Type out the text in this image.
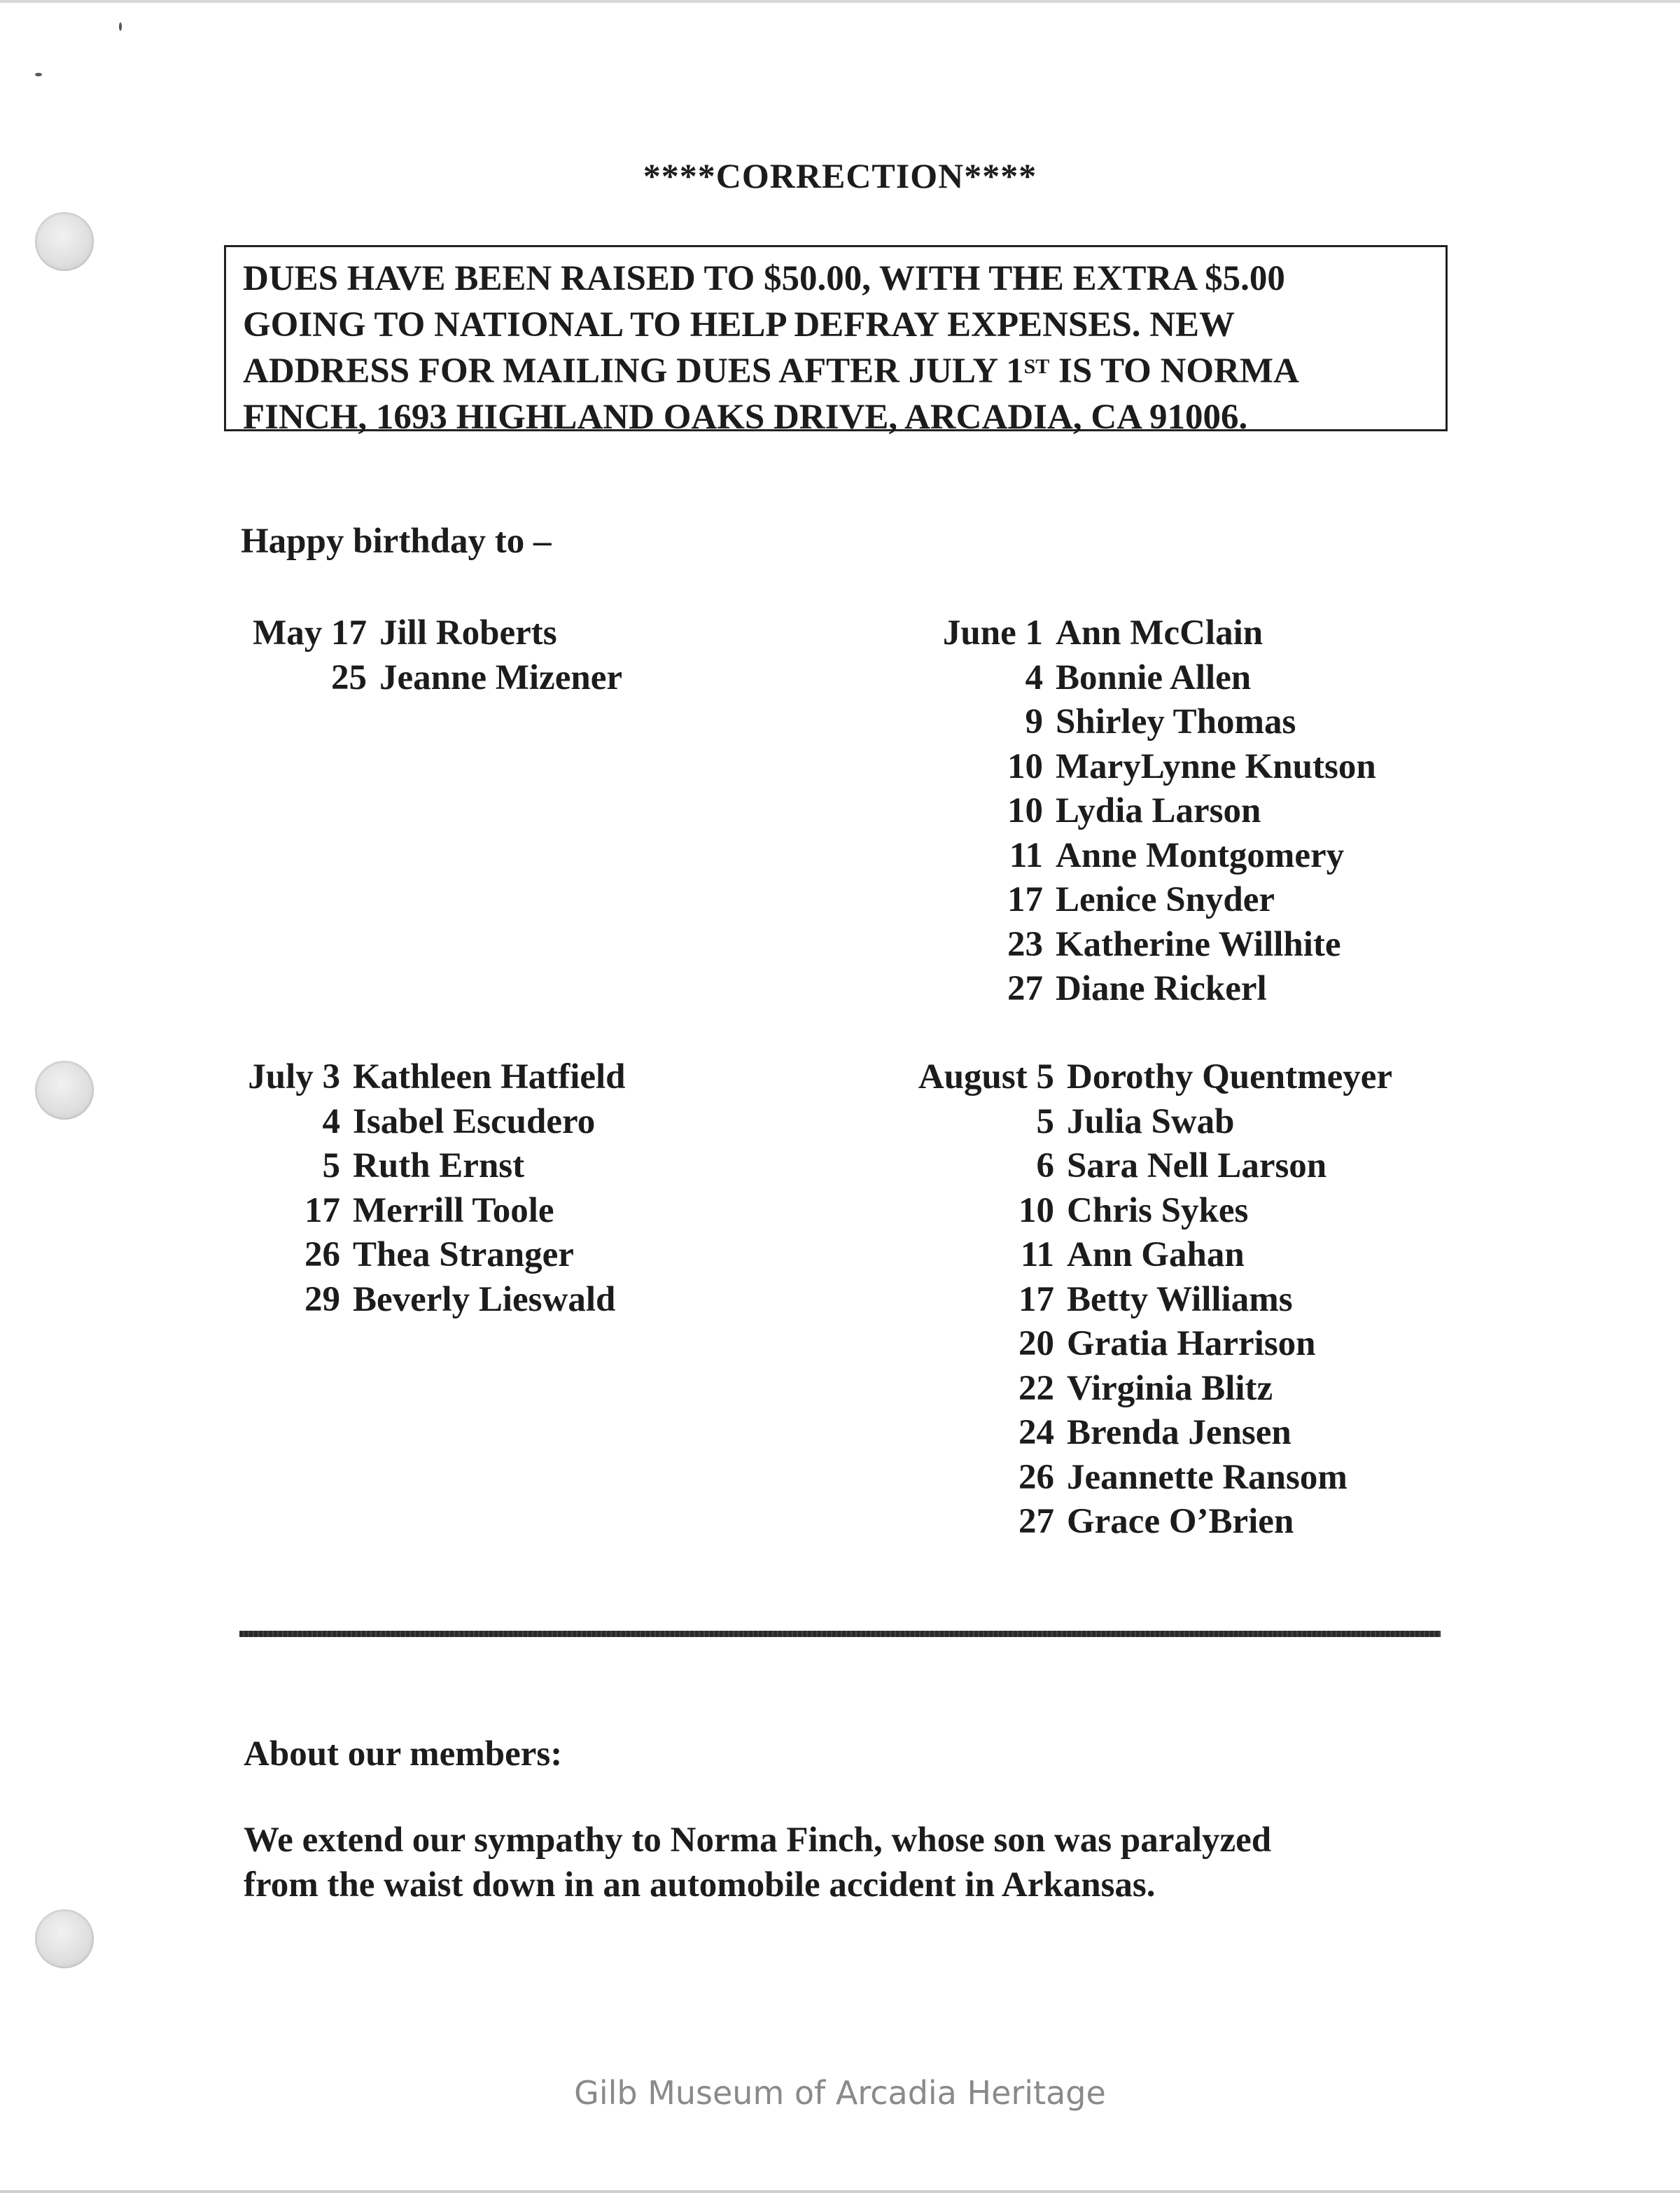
****CORRECTION****
DUES HAVE BEEN RAISED TO $50.00, WITH THE EXTRA $5.00
GOING TO NATIONAL TO HELP DEFRAY EXPENSES. NEW
ADDRESS FOR MAILING DUES AFTER JULY 1ST IS TO NORMA
FINCH, 1693 HIGHLAND OAKS DRIVE, ARCADIA, CA 91006.
Happy birthday to –
May 17 Jill Roberts
25 Jeanne Mizener
June 1 Ann McClain
4 Bonnie Allen
9 Shirley Thomas
10 MaryLynne Knutson
10 Lydia Larson
11 Anne Montgomery
17 Lenice Snyder
23 Katherine Willhite
27 Diane Rickerl
July 3 Kathleen Hatfield
4 Isabel Escudero
5 Ruth Ernst
17 Merrill Toole
26 Thea Stranger
29 Beverly Lieswald
August 5 Dorothy Quentmeyer
5 Julia Swab
6 Sara Nell Larson
10 Chris Sykes
11 Ann Gahan
17 Betty Williams
20 Gratia Harrison
22 Virginia Blitz
24 Brenda Jensen
26 Jeannette Ransom
27 Grace O’Brien
About our members:
We extend our sympathy to Norma Finch, whose son was paralyzed
from the waist down in an automobile accident in Arkansas.
Gilb Museum of Arcadia Heritage
